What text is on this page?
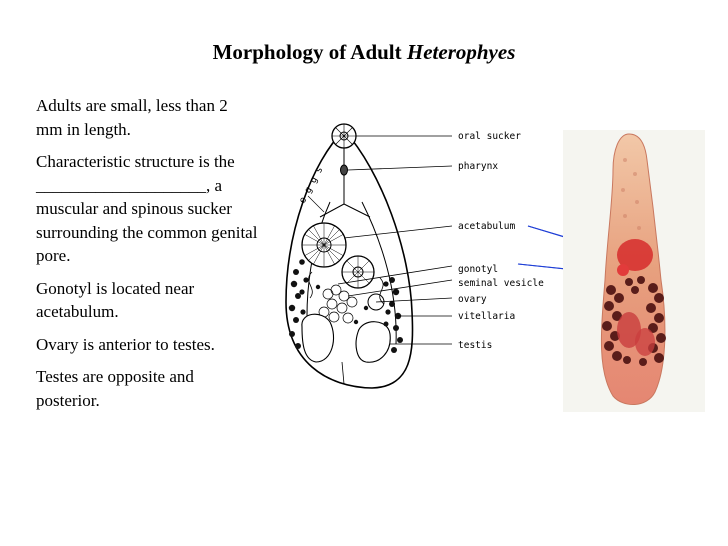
Morphology of Adult Heterophyes

Adults are small, less than 2 mm in length.

Characteristic structure is the ____________________, a muscular and spinous sucker surrounding the common genital pore.

Gonotyl is located near acetabulum.

Ovary is anterior to testes.

Testes are opposite and posterior.

e g g s
oral sucker
pharynx
acetabulum
gonotyl
seminal vesicle
ovary
vitellaria
testis
